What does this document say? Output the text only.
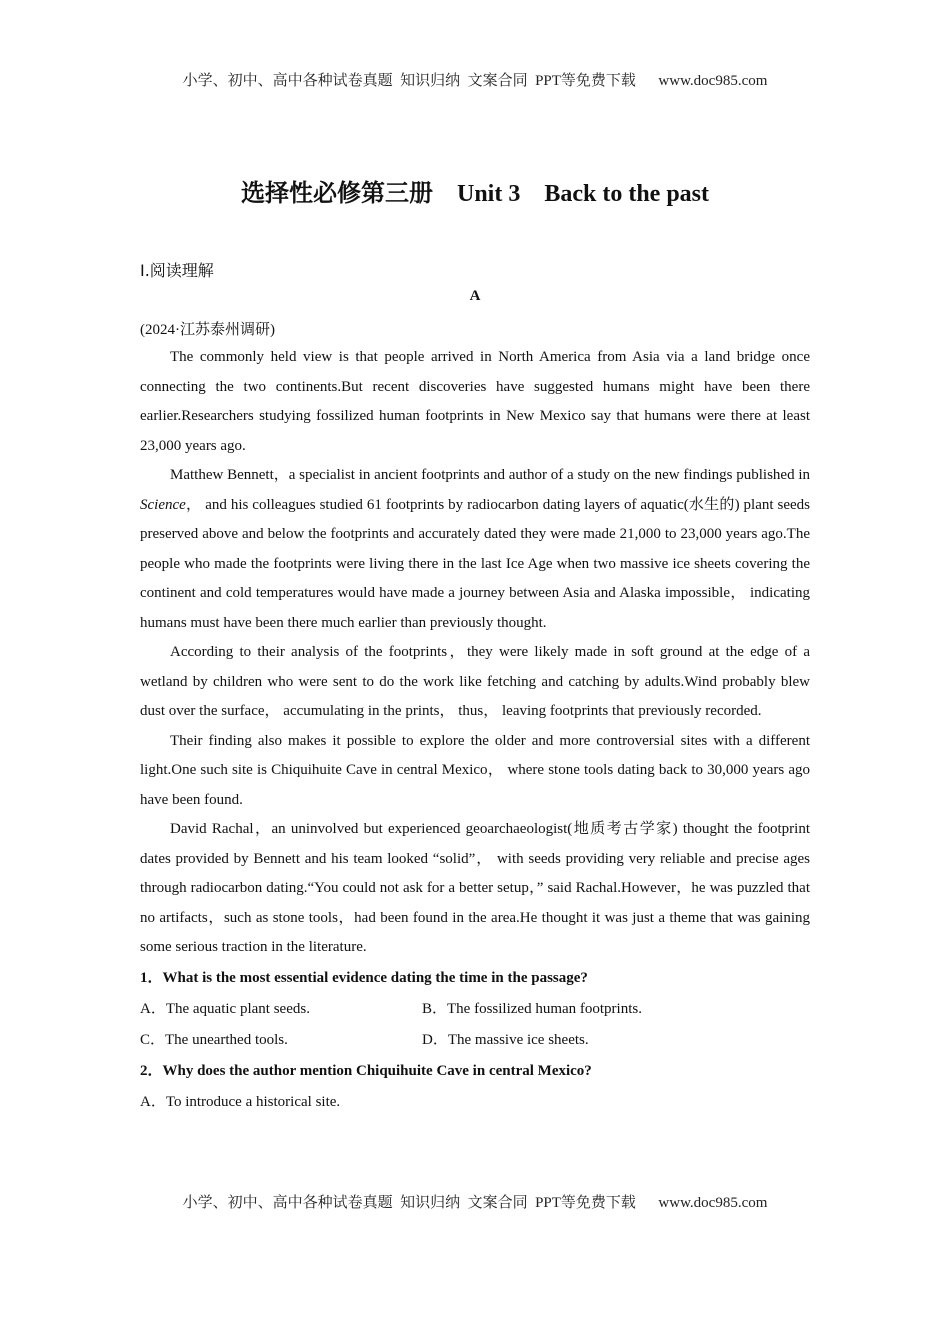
小学、初中、高中各种试卷真题  知识归纳  文案合同  PPT等免费下载      www.doc985.com
选择性必修第三册    Unit 3    Back to the past
Ⅰ.阅读理解
A
(2024·江苏泰州调研)

The commonly held view is that people arrived in North America from Asia via a land bridge once connecting the two continents.But recent discoveries have suggested humans might have been there earlier.Researchers studying fossilized human footprints in New Mexico say that humans were there at least 23,000 years ago.

Matthew Bennett，a specialist in ancient footprints and author of a study on the new findings published in Science， and his colleagues studied 61 footprints by radiocarbon dating layers of aquatic(水生的) plant seeds preserved above and below the footprints and accurately dated they were made 21,000 to 23,000 years ago.The people who made the footprints were living there in the last Ice Age when two massive ice sheets covering the continent and cold temperatures would have made a journey between Asia and Alaska impossible， indicating humans must have been there much earlier than previously thought.

According to their analysis of the footprints，they were likely made in soft ground at the edge of a wetland by children who were sent to do the work like fetching and catching by adults.Wind probably blew dust over the surface， accumulating in the prints， thus， leaving footprints that previously recorded.

Their finding also makes it possible to explore the older and more controversial sites with a different light.One such site is Chiquihuite Cave in central Mexico， where stone tools dating back to 30,000 years ago have been found.

David Rachal，an uninvolved but experienced geoarchaeologist(地质考古学家) thought the footprint dates provided by Bennett and his team looked “solid”， with seeds providing very reliable and precise ages through radiocarbon dating.“You could not ask for a better setup，” said Rachal.However，he was puzzled that no artifacts，such as stone tools，had been found in the area.He thought it was just a theme that was gaining some serious traction in the literature.

1．What is the most essential evidence dating the time in the passage?
A．The aquatic plant seeds.	B．The fossilized human footprints.
C．The unearthed tools.	D．The massive ice sheets.
2．Why does the author mention Chiquihuite Cave in central Mexico?
A．To introduce a historical site.
小学、初中、高中各种试卷真题  知识归纳  文案合同  PPT等免费下载      www.doc985.com
